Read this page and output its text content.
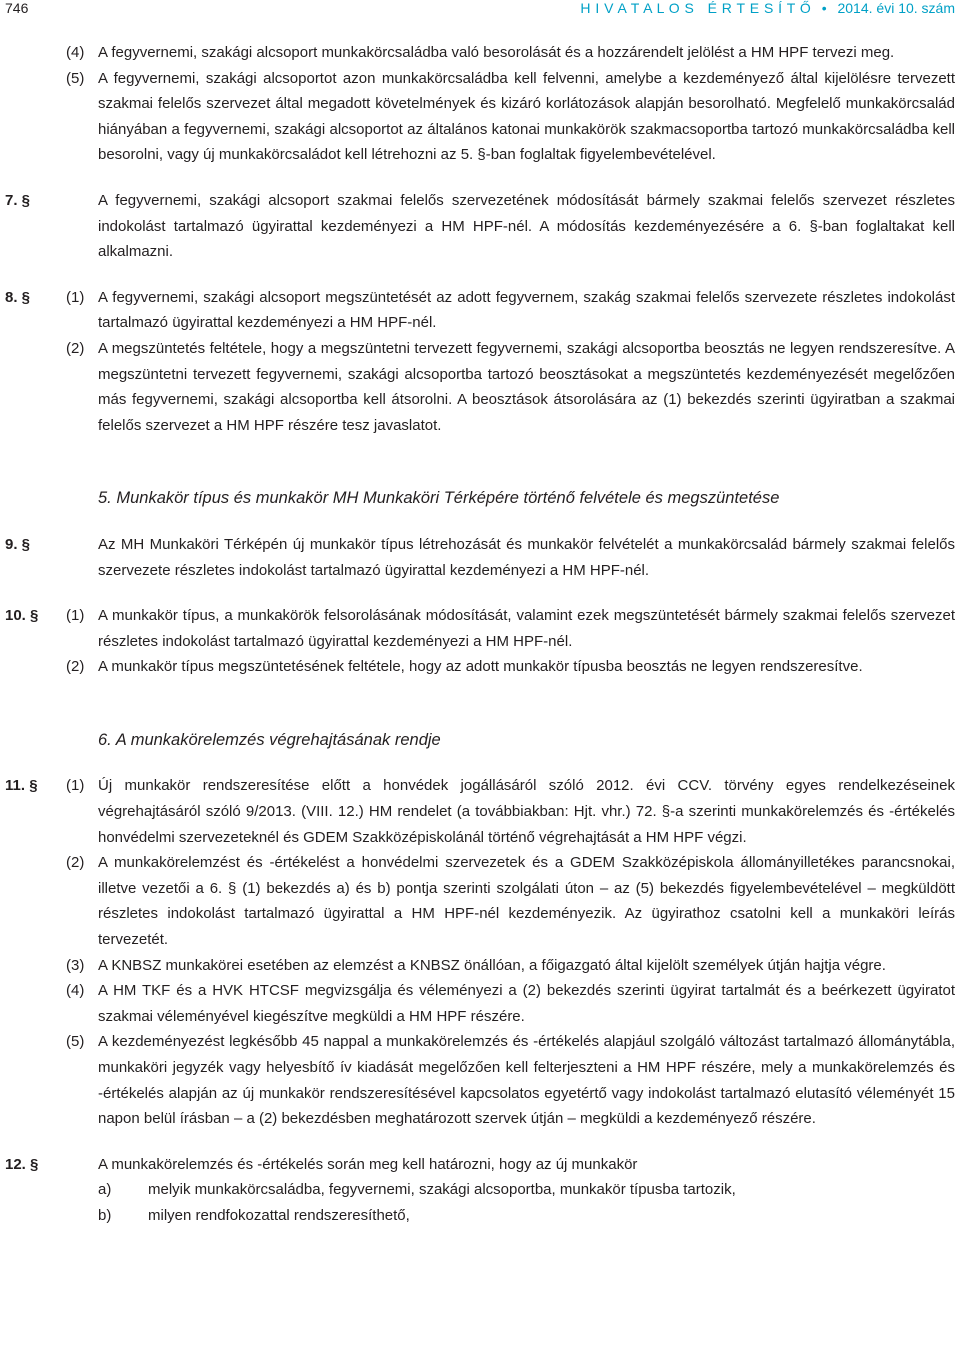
746	H I V A T A L O S   É R T E S Í T Ő • 2014. évi 10. szám
(4) A fegyvernemi, szakági alcsoport munkakörcsaládba való besorolását és a hozzárendelt jelölést a HM HPF tervezi meg.
(5) A fegyvernemi, szakági alcsoportot azon munkakörcsaládba kell felvenni, amelybe a kezdeményező által kijelölésre tervezett szakmai felelős szervezet által megadott követelmények és kizáró korlátozások alapján besorolható. Megfelelő munkakörcsalád hiányában a fegyvernemi, szakági alcsoportot az általános katonai munkakörök szakmacsoportba tartozó munkakörcsaládba kell besorolni, vagy új munkakörcsaládot kell létrehozni az 5. §-ban foglaltak figyelembevételével.
7. §	A fegyvernemi, szakági alcsoport szakmai felelős szervezetének módosítását bármely szakmai felelős szervezet részletes indokolást tartalmazó ügyirattal kezdeményezi a HM HPF-nél. A módosítás kezdeményezésére a 6. §-ban foglaltakat kell alkalmazni.
8. § (1) A fegyvernemi, szakági alcsoport megszüntetését az adott fegyvernem, szakág szakmai felelős szervezete részletes indokolást tartalmazó ügyirattal kezdeményezi a HM HPF-nél.
(2) A megszüntetés feltétele, hogy a megszüntetni tervezett fegyvernemi, szakági alcsoportba beosztás ne legyen rendszeresítve. A megszüntetni tervezett fegyvernemi, szakági alcsoportba tartozó beosztásokat a megszüntetés kezdeményezését megelőzően más fegyvernemi, szakági alcsoportba kell átsorolni. A beosztások átsorolására az (1) bekezdés szerinti ügyiratban a szakmai felelős szervezet a HM HPF részére tesz javaslatot.
5. Munkakör típus és munkakör MH Munkaköri Térképére történő felvétele és megszüntetése
9. §	Az MH Munkaköri Térképén új munkakör típus létrehozását és munkakör felvételét a munkakörcsalád bármely szakmai felelős szervezete részletes indokolást tartalmazó ügyirattal kezdeményezi a HM HPF-nél.
10. § (1) A munkakör típus, a munkakörök felsorolásának módosítását, valamint ezek megszüntetését bármely szakmai felelős szervezet részletes indokolást tartalmazó ügyirattal kezdeményezi a HM HPF-nél.
(2) A munkakör típus megszüntetésének feltétele, hogy az adott munkakör típusba beosztás ne legyen rendszeresítve.
6. A munkakörelemzés végrehajtásának rendje
11. § (1) Új munkakör rendszeresítése előtt a honvédek jogállásáról szóló 2012. évi CCV. törvény egyes rendelkezéseinek végrehajtásáról szóló 9/2013. (VIII. 12.) HM rendelet (a továbbiakban: Hjt. vhr.) 72. §-a szerinti munkakörelemzés és -értékelés honvédelmi szervezeteknél és GDEM Szakközépiskolánál történő végrehajtását a HM HPF végzi.
(2) A munkakörelemzést és -értékelést a honvédelmi szervezetek és a GDEM Szakközépiskola állományilletékes parancsnokai, illetve vezetői a 6. § (1) bekezdés a) és b) pontja szerinti szolgálati úton – az (5) bekezdés figyelembevételével – megküldött részletes indokolást tartalmazó ügyirattal a HM HPF-nél kezdeményezik. Az ügyirathoz csatolni kell a munkaköri leírás tervezetét.
(3) A KNBSZ munkakörei esetében az elemzést a KNBSZ önállóan, a főigazgató által kijelölt személyek útján hajtja végre.
(4) A HM TKF és a HVK HTCSF megvizsgálja és véleményezi a (2) bekezdés szerinti ügyirat tartalmát és a beérkezett ügyiratot szakmai véleményével kiegészítve megküldi a HM HPF részére.
(5) A kezdeményezést legkésőbb 45 nappal a munkakörelemzés és -értékelés alapjául szolgáló változást tartalmazó állománytábla, munkaköri jegyzék vagy helyesbítő ív kiadását megelőzően kell felterjeszteni a HM HPF részére, mely a munkakörelemzés és -értékelés alapján az új munkakör rendszeresítésével kapcsolatos egyetértő vagy indokolást tartalmazó elutasító véleményét 15 napon belül írásban – a (2) bekezdésben meghatározott szervek útján – megküldi a kezdeményező részére.
12. §	A munkakörelemzés és -értékelés során meg kell határozni, hogy az új munkakör
a) melyik munkakörcsaládba, fegyvernemi, szakági alcsoportba, munkakör típusba tartozik,
b) milyen rendfokozattal rendszeresíthető,
